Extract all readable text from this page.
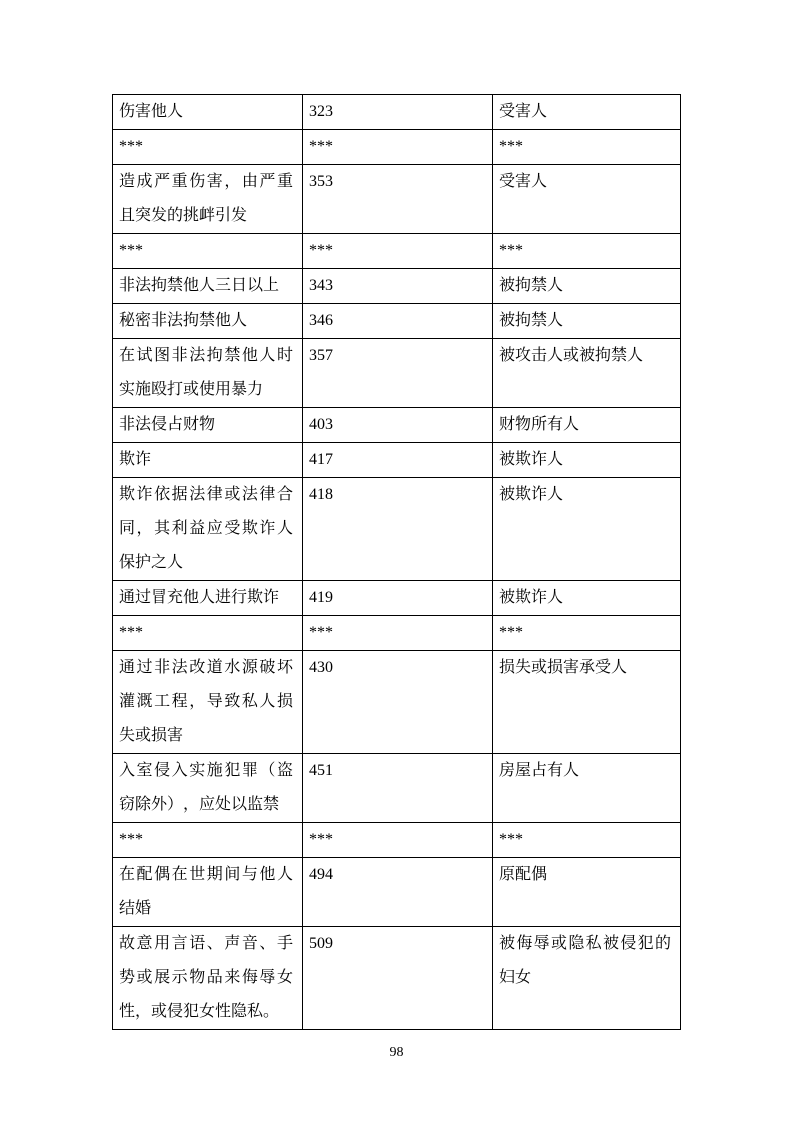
伤害他人	323	受害人
***	***	***
造成严重伤害，由严重且突发的挑衅引发	353	受害人
***	***	***
非法拘禁他人三日以上	343	被拘禁人
秘密非法拘禁他人	346	被拘禁人
在试图非法拘禁他人时实施殴打或使用暴力	357	被攻击人或被拘禁人
非法侵占财物	403	财物所有人
欺诈	417	被欺诈人
欺诈依据法律或法律合同，其利益应受欺诈人保护之人	418	被欺诈人
通过冒充他人进行欺诈	419	被欺诈人
***	***	***
通过非法改道水源破坏灌溉工程，导致私人损失或损害	430	损失或损害承受人
入室侵入实施犯罪（盗窃除外），应处以监禁	451	房屋占有人
***	***	***
在配偶在世期间与他人结婚	494	原配偶
故意用言语、声音、手势或展示物品来侮辱女性，或侵犯女性隐私。	509	被侮辱或隐私被侵犯的妇女
98
